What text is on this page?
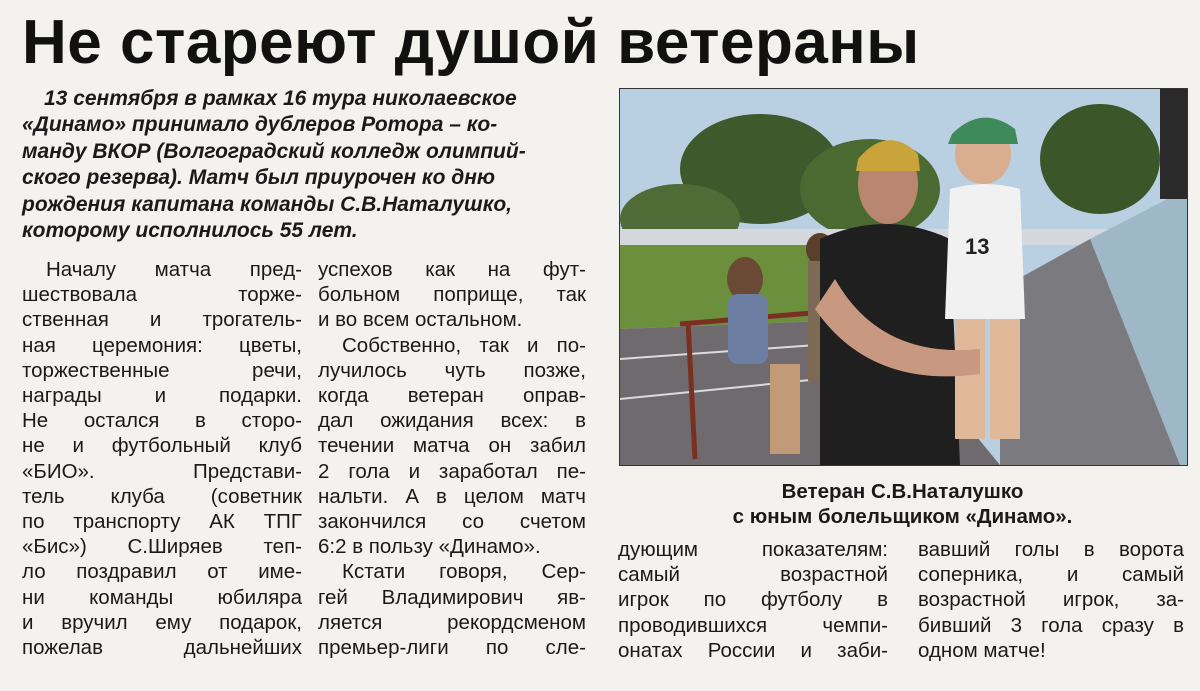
Не стареют душой ветераны
13 сентября в рамках 16 тура николаевское
«Динамо» принимало дублеров Ротора – ко-
манду ВКОР (Волгоградский колледж олимпий-
ского резерва). Матч был приурочен ко дню
рождения капитана команды С.В.Наталушко,
которому исполнилось 55 лет.
Началу матча пред-
шествовала торже-
ственная и трогатель-
ная церемония: цветы,
торжественные речи,
награды и подарки.
Не остался в сторо-
не и футбольный клуб
«БИО». Представи-
тель клуба (советник
по транспорту АК ТПГ
«Бис») С.Ширяев теп-
ло поздравил от име-
ни команды юбиляра
и вручил ему подарок,
пожелав дальнейших
успехов как на фут-
больном поприще, так
и во всем остальном.
Собственно, так и по-
лучилось чуть позже,
когда ветеран оправ-
дал ожидания всех: в
течении матча он забил
2 гола и заработал пе-
нальти. А в целом матч
закончился со счетом
6:2 в пользу «Динамо».
Кстати говоря, Сер-
гей Владимирович яв-
ляется рекордсменом
премьер-лиги по сле-
13
Ветеран С.В.Наталушко
с юным болельщиком «Динамо».
дующим показателям:
самый возрастной
игрок по футболу в
проводившихся чемпи-
онатах России и заби-
вавший голы в ворота
соперника, и самый
возрастной игрок, за-
бивший 3 гола сразу в
одном матче!
